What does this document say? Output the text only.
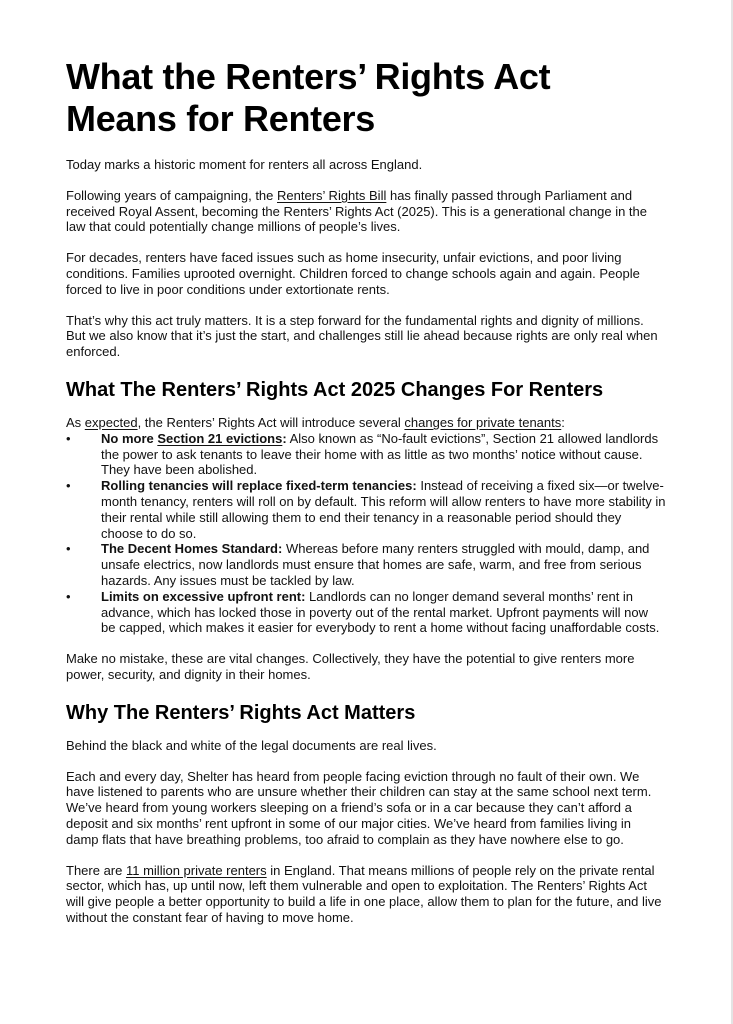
What the Renters’ Rights Act Means for Renters

Today marks a historic moment for renters all across England.

Following years of campaigning, the Renters’ Rights Bill has finally passed through Parliament and received Royal Assent, becoming the Renters’ Rights Act (2025). This is a generational change in the law that could potentially change millions of people’s lives.

For decades, renters have faced issues such as home insecurity, unfair evictions, and poor living conditions. Families uprooted overnight. Children forced to change schools again and again. People forced to live in poor conditions under extortionate rents.

That’s why this act truly matters. It is a step forward for the fundamental rights and dignity of millions. But we also know that it’s just the start, and challenges still lie ahead because rights are only real when enforced.

What The Renters’ Rights Act 2025 Changes For Renters

As expected, the Renters’ Rights Act will introduce several changes for private tenants:

•	No more Section 21 evictions: Also known as “No-fault evictions”, Section 21 allowed landlords the power to ask tenants to leave their home with as little as two months’ notice without cause. They have been abolished.
•	Rolling tenancies will replace fixed-term tenancies: Instead of receiving a fixed six—or twelve-month tenancy, renters will roll on by default. This reform will allow renters to have more stability in their rental while still allowing them to end their tenancy in a reasonable period should they choose to do so.
•	The Decent Homes Standard: Whereas before many renters struggled with mould, damp, and unsafe electrics, now landlords must ensure that homes are safe, warm, and free from serious hazards. Any issues must be tackled by law.
•	Limits on excessive upfront rent: Landlords can no longer demand several months’ rent in advance, which has locked those in poverty out of the rental market. Upfront payments will now be capped, which makes it easier for everybody to rent a home without facing unaffordable costs.

Make no mistake, these are vital changes. Collectively, they have the potential to give renters more power, security, and dignity in their homes.

Why The Renters’ Rights Act Matters

Behind the black and white of the legal documents are real lives.

Each and every day, Shelter has heard from people facing eviction through no fault of their own. We have listened to parents who are unsure whether their children can stay at the same school next term. We’ve heard from young workers sleeping on a friend’s sofa or in a car because they can’t afford a deposit and six months’ rent upfront in some of our major cities. We’ve heard from families living in damp flats that have breathing problems, too afraid to complain as they have nowhere else to go.

There are 11 million private renters in England. That means millions of people rely on the private rental sector, which has, up until now, left them vulnerable and open to exploitation. The Renters’ Rights Act will give people a better opportunity to build a life in one place, allow them to plan for the future, and live without the constant fear of having to move home.
